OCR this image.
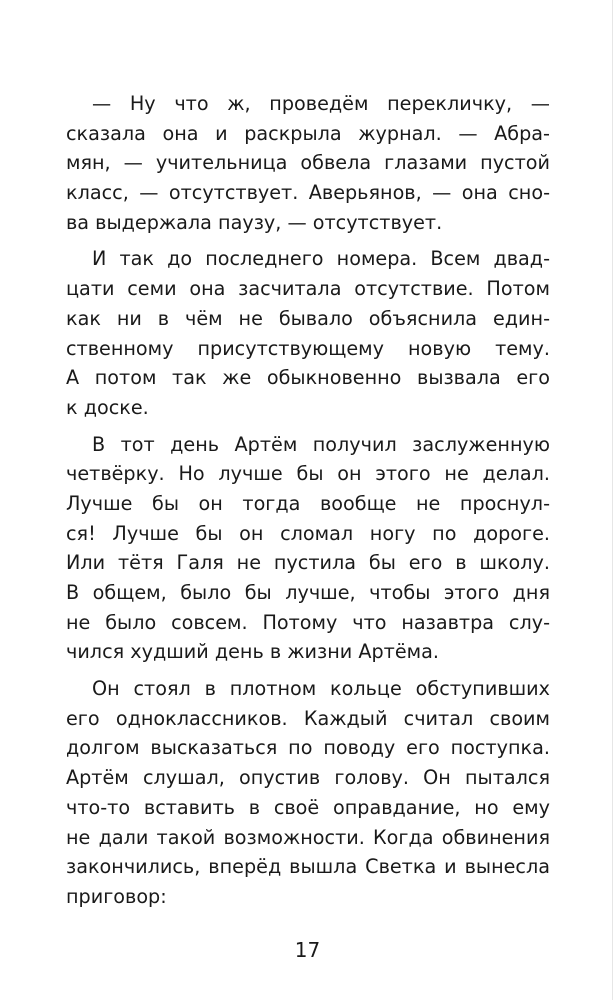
— Ну что ж, проведём перекличку, —
сказала она и раскрыла журнал. — Абра-
мян, — учительница обвела глазами пустой
класс, — отсутствует. Аверьянов, — она сно-
ва выдержала паузу, — отсутствует.
И так до последнего номера. Всем двад-
цати семи она засчитала отсутствие. Потом
как ни в чём не бывало объяснила един-
ственному присутствующему новую тему.
А потом так же обыкновенно вызвала его
к доске.
В тот день Артём получил заслуженную
четвёрку. Но лучше бы он этого не делал.
Лучше бы он тогда вообще не проснул-
ся! Лучше бы он сломал ногу по дороге.
Или тётя Галя не пустила бы его в школу.
В общем, было бы лучше, чтобы этого дня
не было совсем. Потому что назавтра слу-
чился худший день в жизни Артёма.
Он стоял в плотном кольце обступивших
его одноклассников. Каждый считал своим
долгом высказаться по поводу его поступка.
Артём слушал, опустив голову. Он пытался
что-то вставить в своё оправдание, но ему
не дали такой возможности. Когда обвинения
закончились, вперёд вышла Светка и вынесла
приговор:
17
